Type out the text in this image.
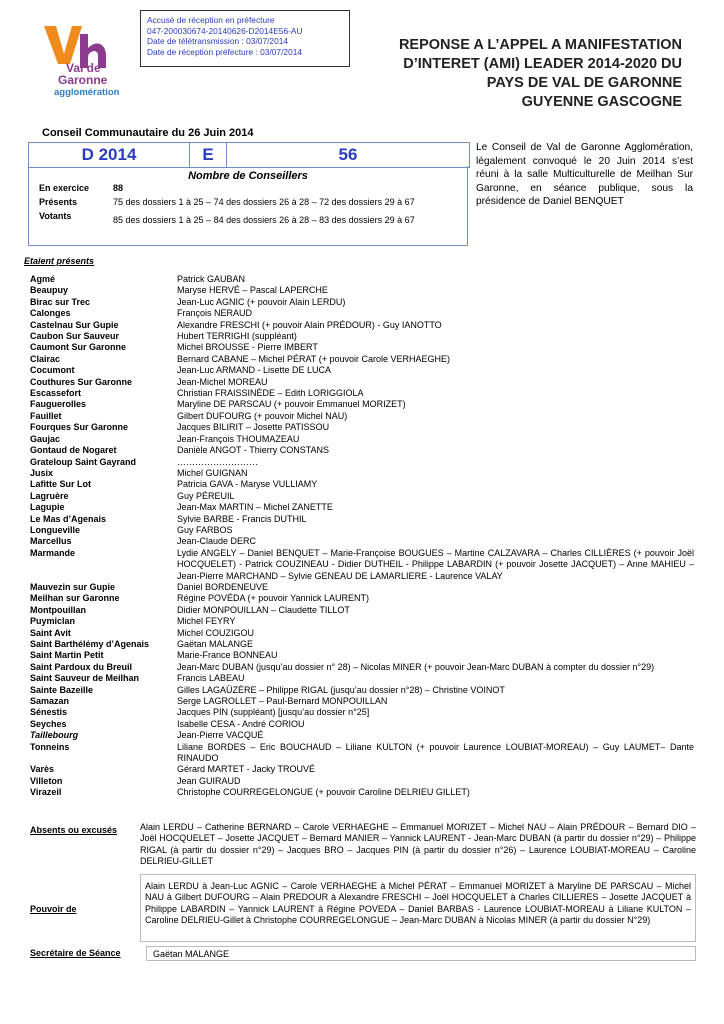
Accusé de réception en préfecture
047-200030674-20140626-D2014E56-AU
Date de télétransmission : 03/07/2014
Date de réception préfecture : 03/07/2014
Val de
Garonne
agglomération
REPONSE A L’APPEL A MANIFESTATION
D’INTERET (AMI) LEADER 2014-2020 DU
PAYS DE VAL DE GARONNE
GUYENNE GASCOGNE
Conseil Communautaire du 26 Juin 2014
D 2014	E	56
Nombre de Conseillers
En exercice	88
Présents	75 des dossiers 1 à 25 – 74 des dossiers 26 à 28 – 72 des dossiers 29 à 67
Votants	85 des dossiers 1 à 25 – 84 des dossiers 26 à 28 – 83 des dossiers 29 à 67
Le Conseil de Val de Garonne Agglomération, légalement convoqué le 20 Juin 2014 s’est réuni à la salle Multiculturelle de Meilhan Sur Garonne, en séance publique, sous la présidence de Daniel BENQUET
Etaient présents
Agmé	Patrick GAUBAN
Beaupuy	Maryse HERVÉ – Pascal LAPERCHE
Birac sur Trec	Jean-Luc AGNIC (+ pouvoir Alain LERDU)
Calonges	François NERAUD
Castelnau Sur Gupie	Alexandre FRESCHI (+ pouvoir Alain PRÉDOUR) - Guy IANOTTO
Caubon Sur Sauveur	Hubert TERRIGHI (suppléant)
Caumont Sur Garonne	Michel BROUSSE - Pierre IMBERT
Clairac	Bernard CABANE – Michel PÉRAT (+ pouvoir Carole VERHAEGHE)
Cocumont	Jean-Luc ARMAND - Lisette DE LUCA
Couthures Sur Garonne	Jean-Michel MOREAU
Escassefort	Christian FRAISSINÈDE – Edith LORIGGIOLA
Fauguerolles	Maryline DE PARSCAU (+ pouvoir Emmanuel MORIZET)
Fauillet	Gilbert DUFOURG (+ pouvoir Michel NAU)
Fourques Sur Garonne	Jacques BILIRIT – Josette PATISSOU
Gaujac	Jean-François THOUMAZEAU
Gontaud de Nogaret	Danièle ANGOT - Thierry CONSTANS
Grateloup Saint Gayrand	………………………
Jusix	Michel GUIGNAN
Lafitte Sur Lot	Patricia GAVA - Maryse VULLIAMY
Lagruère	Guy PÉREUIL
Lagupie	Jean-Max MARTIN – Michel ZANETTE
Le Mas d’Agenais	Sylvie BARBE - Francis DUTHIL
Longueville	Guy FARBOS
Marcellus	Jean-Claude DERC
Marmande	Lydie ANGELY – Daniel BENQUET – Marie-Françoise BOUGUES – Martine CALZAVARA – Charles CILLIÈRES (+ pouvoir Joël HOCQUELET) - Patrick COUZINEAU - Didier DUTHEIL - Philippe LABARDIN (+ pouvoir Josette JACQUET) – Anne MAHIEU – Jean-Pierre MARCHAND – Sylvie GENEAU DE LAMARLIERE - Laurence VALAY
Mauvezin sur Gupie	Daniel BORDENEUVE
Meilhan sur Garonne	Régine POVÉDA (+ pouvoir Yannick LAURENT)
Montpouillan	Didier MONPOUILLAN – Claudette TILLOT
Puymiclan	Michel FEYRY
Saint Avit	Michel COUZIGOU
Saint Barthélémy d’Agenais	Gaëtan MALANGE
Saint Martin Petit	Marie-France BONNEAU
Saint Pardoux du Breuil	Jean-Marc DUBAN (jusqu’au dossier n° 28) – Nicolas MINER (+ pouvoir Jean-Marc DUBAN à compter du dossier n°29)
Saint Sauveur de Meilhan	Francis LABEAU
Sainte Bazeille	Gilles LAGAÜZÈRE – Philippe RIGAL (jusqu’au dossier n°28) – Christine VOINOT
Samazan	Serge LAGROLLET – Paul-Bernard MONPOUILLAN
Sénestis	Jacques PIN (suppléant) [jusqu’au dossier n°25]
Seyches	Isabelle CESA - André CORIOU
Taillebourg	Jean-Pierre VACQUÉ
Tonneins	Liliane BORDES – Eric BOUCHAUD – Liliane KULTON (+ pouvoir Laurence LOUBIAT-MOREAU) – Guy LAUMET– Dante RINAUDO
Varès	Gérard MARTET - Jacky TROUVÉ
Villeton	Jean GUIRAUD
Virazeil	Christophe COURREGELONGUE (+ pouvoir Caroline DELRIEU GILLET)
Absents ou excusés	Alain LERDU – Catherine BERNARD – Carole VERHAEGHE – Emmanuel MORIZET – Michel NAU – Alain PRÉDOUR – Bernard DIO – Joël HOCQUELET – Josette JACQUET – Bernard MANIER – Yannick LAURENT - Jean-Marc DUBAN (à partir du dossier n°29) – Philippe RIGAL (à partir du dossier n°29) – Jacques BRO – Jacques PIN (à partir du dossier n°26) – Laurence LOUBIAT-MOREAU – Caroline DELRIEU-GILLET
Pouvoir de
Alain LERDU à Jean-Luc AGNIC – Carole VERHAEGHE à Michel PÉRAT – Emmanuel MORIZET à Maryline DE PARSCAU – Michel NAU à Gilbert DUFOURG – Alain PREDOUR à Alexandre FRESCHI – Joël HOCQUELET à Charles CILLIERES – Josette JACQUET à Philippe LABARDIN – Yannick LAURENT à Régine POVEDA – Daniel BARBAS - Laurence LOUBIAT-MOREAU à Liliane KULTON – Caroline DELRIEU-Gillet à Christophe COURREGELONGUE – Jean-Marc DUBAN à Nicolas MINER (à partir du dossier N°29)
Secrétaire de Séance	Gaëtan MALANGE
